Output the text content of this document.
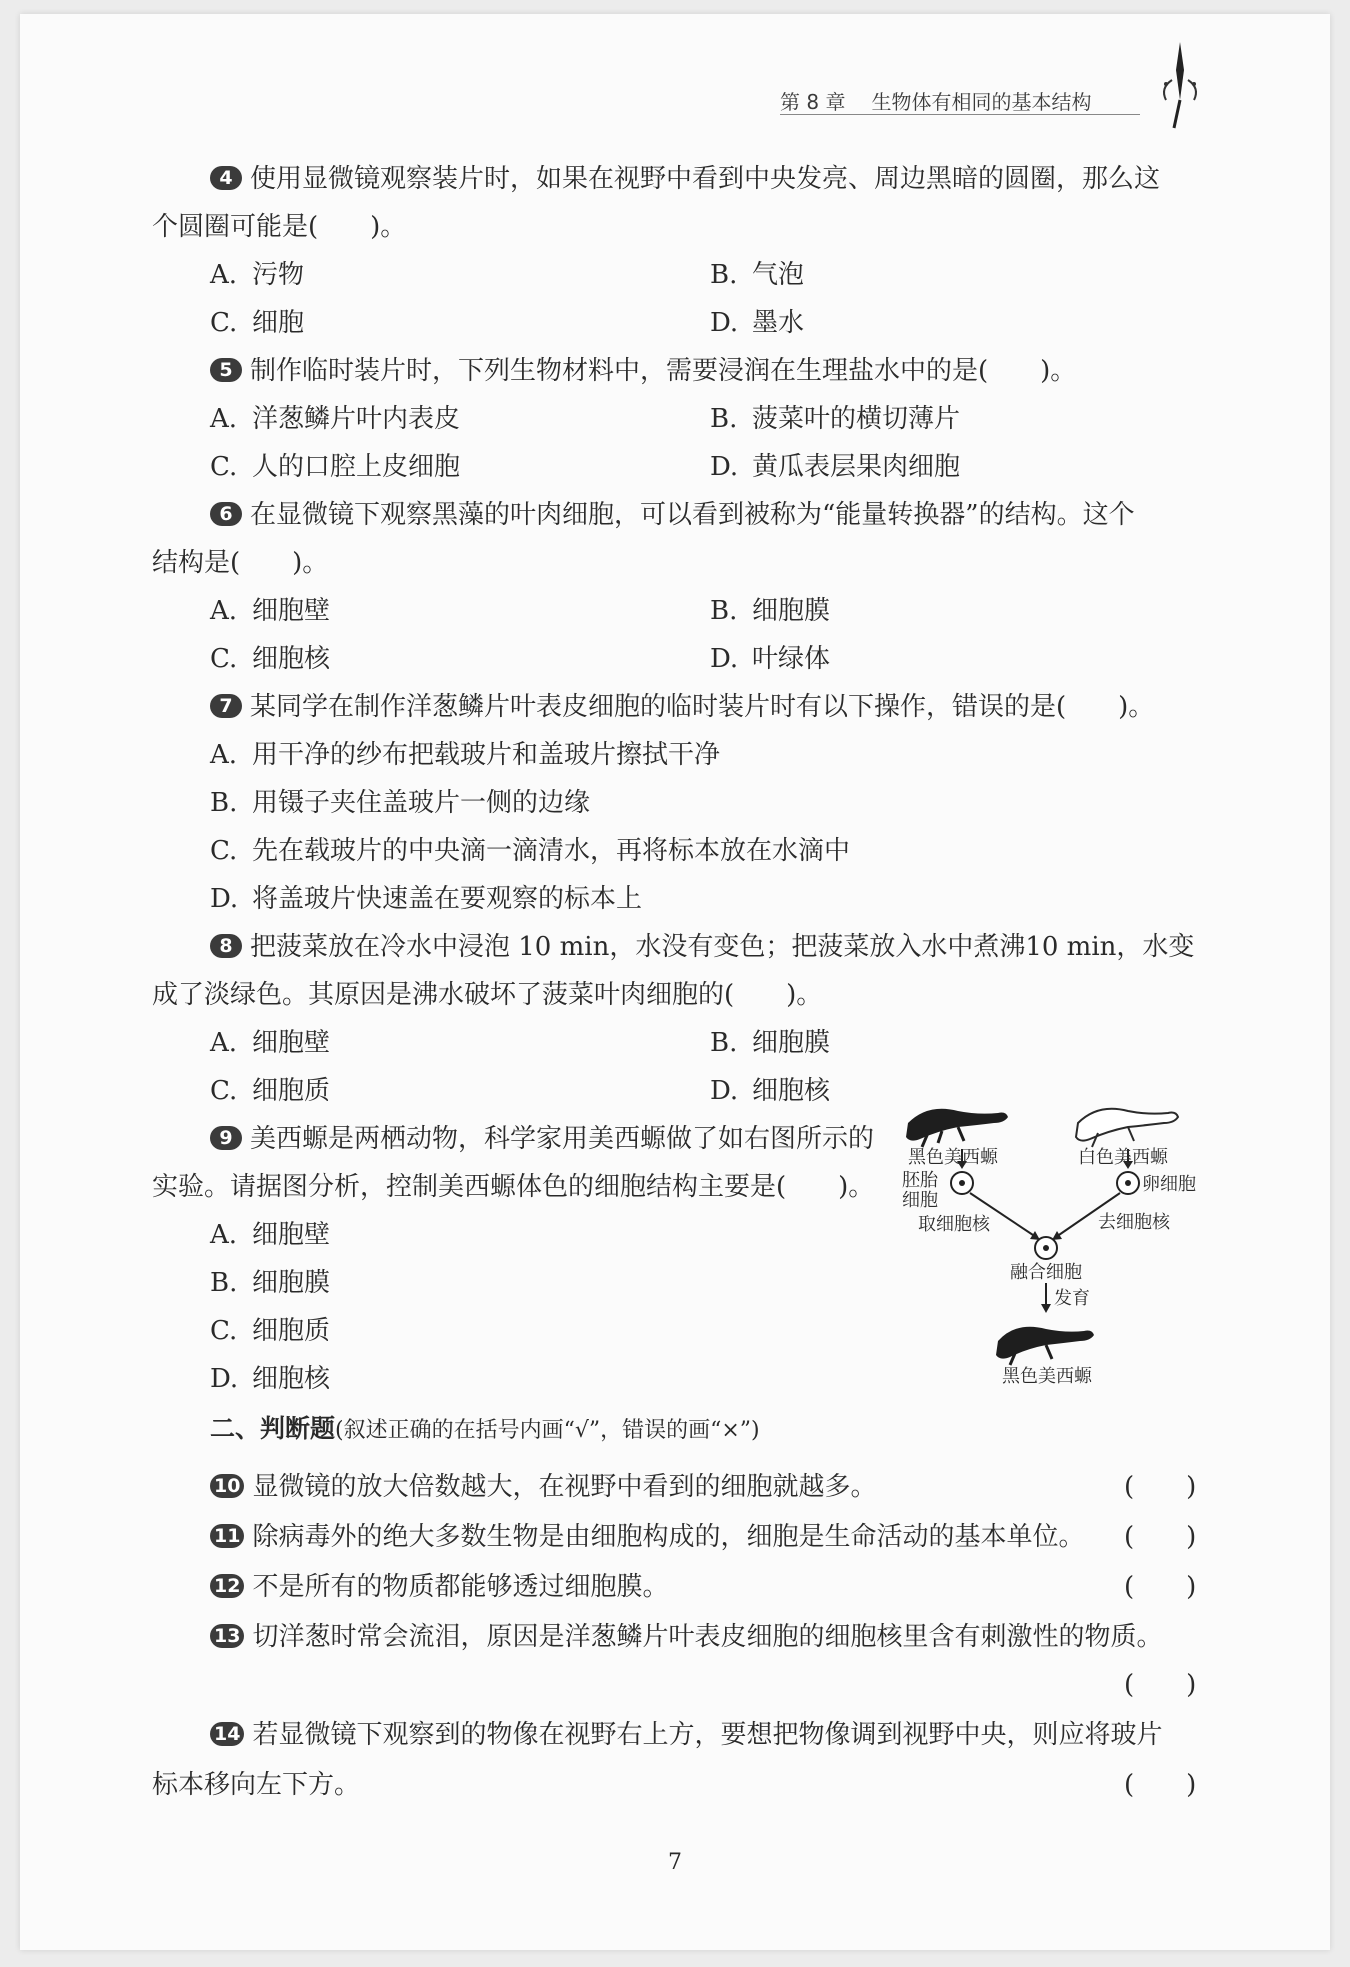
第 8 章 生物体有相同的基本结构
4 使用显微镜观察装片时，如果在视野中看到中央发亮、周边黑暗的圆圈，那么这
个圆圈可能是(　　)。
A. 污物	B. 气泡
C. 细胞	D. 墨水
5 制作临时装片时，下列生物材料中，需要浸润在生理盐水中的是(　　)。
A. 洋葱鳞片叶内表皮	B. 菠菜叶的横切薄片
C. 人的口腔上皮细胞	D. 黄瓜表层果肉细胞
6 在显微镜下观察黑藻的叶肉细胞，可以看到被称为“能量转换器”的结构。这个
结构是(　　)。
A. 细胞壁	B. 细胞膜
C. 细胞核	D. 叶绿体
7 某同学在制作洋葱鳞片叶表皮细胞的临时装片时有以下操作，错误的是(　　)。
A. 用干净的纱布把载玻片和盖玻片擦拭干净
B. 用镊子夹住盖玻片一侧的边缘
C. 先在载玻片的中央滴一滴清水，再将标本放在水滴中
D. 将盖玻片快速盖在要观察的标本上
8 把菠菜放在冷水中浸泡 10 min，水没有变色；把菠菜放入水中煮沸10 min，水变
成了淡绿色。其原因是沸水破坏了菠菜叶肉细胞的(　　)。
A. 细胞壁	B. 细胞膜
C. 细胞质	D. 细胞核
9 美西螈是两栖动物，科学家用美西螈做了如右图所示的
实验。请据图分析，控制美西螈体色的细胞结构主要是(　　)。
A. 细胞壁
B. 细胞膜
C. 细胞质
D. 细胞核
黑色美西螈	白色美西螈
胚胎
细胞
卵细胞
取细胞核	去细胞核
融合细胞
发育
黑色美西螈
二、判断题(叙述正确的在括号内画“√”，错误的画“×”)
10 显微镜的放大倍数越大，在视野中看到的细胞就越多。	(　　)
11 除病毒外的绝大多数生物是由细胞构成的，细胞是生命活动的基本单位。 (　　)
12 不是所有的物质都能够透过细胞膜。	(　　)
13 切洋葱时常会流泪，原因是洋葱鳞片叶表皮细胞的细胞核里含有刺激性的物质。
(　　)
14 若显微镜下观察到的物像在视野右上方，要想把物像调到视野中央，则应将玻片
标本移向左下方。	(　　)
7
